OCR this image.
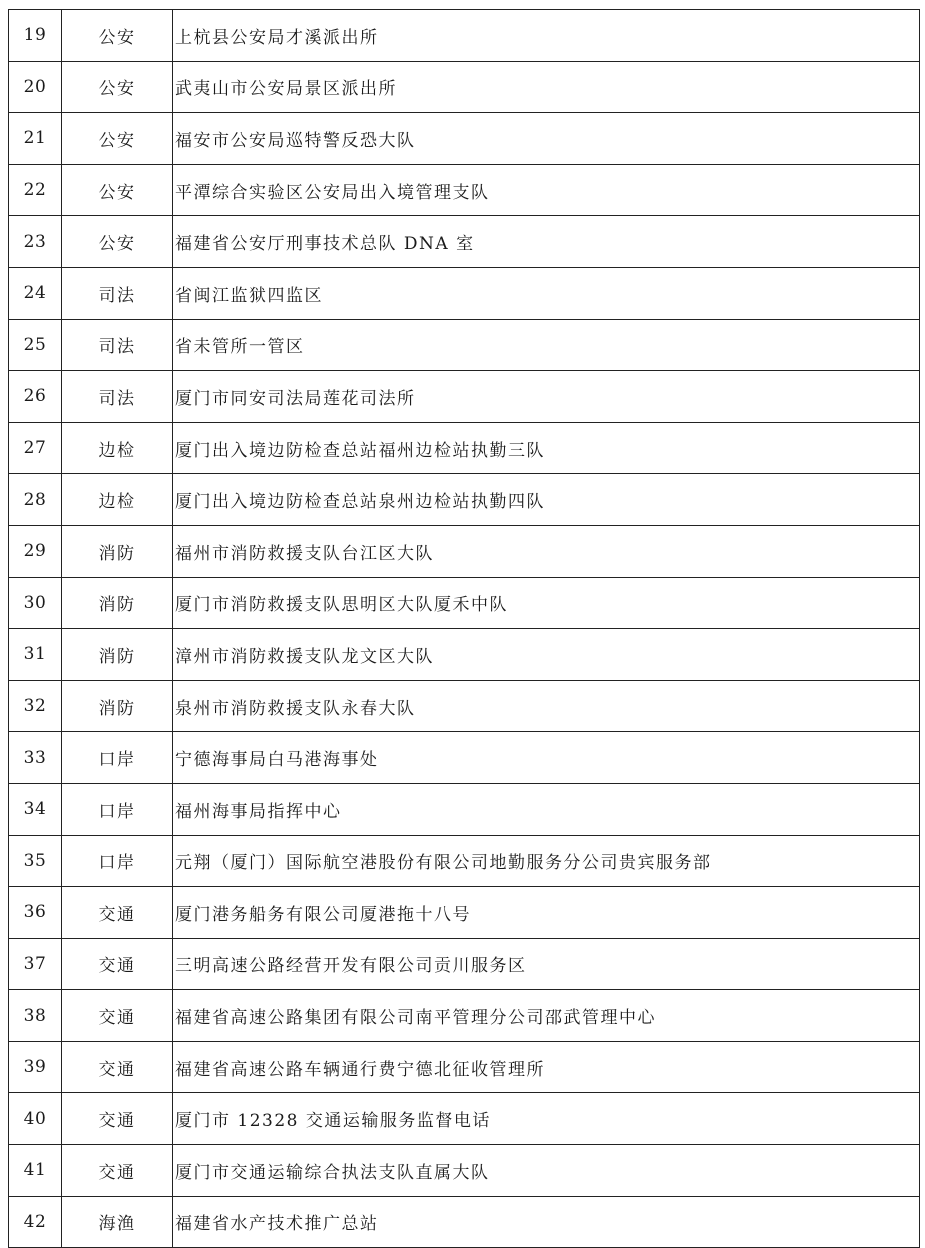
19	公安	上杭县公安局才溪派出所
20	公安	武夷山市公安局景区派出所
21	公安	福安市公安局巡特警反恐大队
22	公安	平潭综合实验区公安局出入境管理支队
23	公安	福建省公安厅刑事技术总队 DNA 室
24	司法	省闽江监狱四监区
25	司法	省未管所一管区
26	司法	厦门市同安司法局莲花司法所
27	边检	厦门出入境边防检查总站福州边检站执勤三队
28	边检	厦门出入境边防检查总站泉州边检站执勤四队
29	消防	福州市消防救援支队台江区大队
30	消防	厦门市消防救援支队思明区大队厦禾中队
31	消防	漳州市消防救援支队龙文区大队
32	消防	泉州市消防救援支队永春大队
33	口岸	宁德海事局白马港海事处
34	口岸	福州海事局指挥中心
35	口岸	元翔（厦门）国际航空港股份有限公司地勤服务分公司贵宾服务部
36	交通	厦门港务船务有限公司厦港拖十八号
37	交通	三明高速公路经营开发有限公司贡川服务区
38	交通	福建省高速公路集团有限公司南平管理分公司邵武管理中心
39	交通	福建省高速公路车辆通行费宁德北征收管理所
40	交通	厦门市 12328 交通运输服务监督电话
41	交通	厦门市交通运输综合执法支队直属大队
42	海渔	福建省水产技术推广总站
